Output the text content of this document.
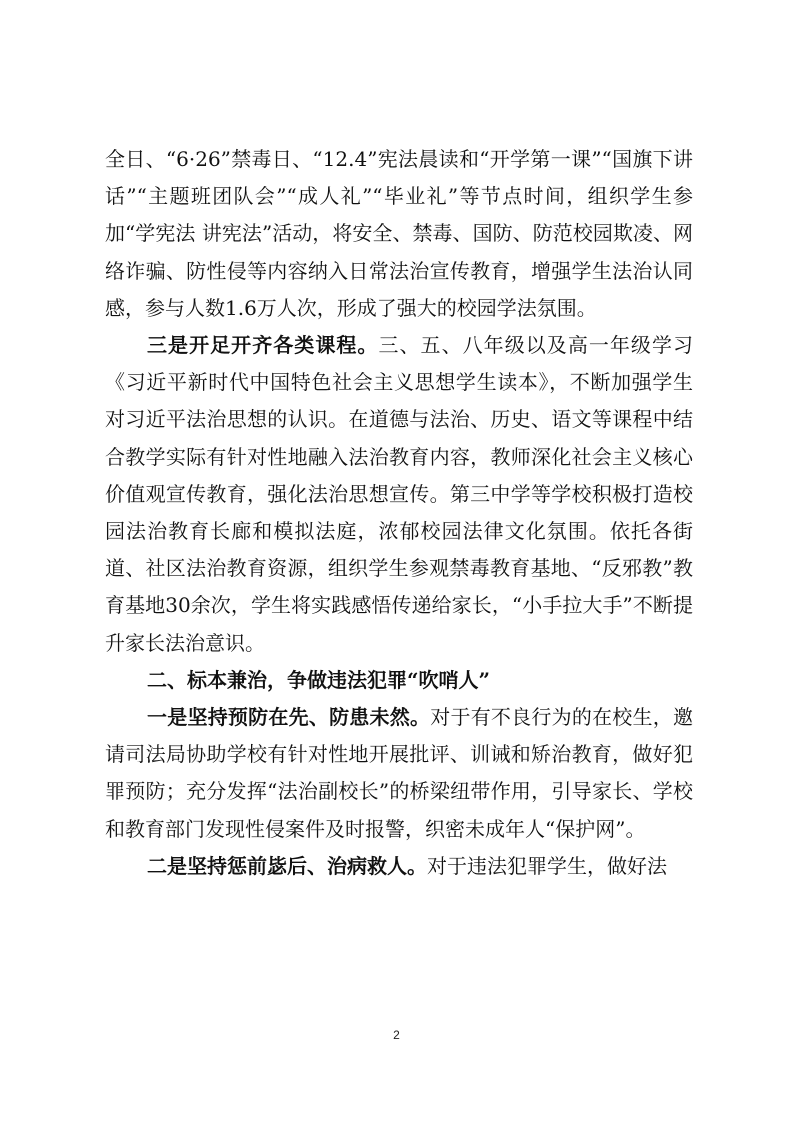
全日、“6·26”禁毒日、“12.4”宪法晨读和“开学第一课”“国旗下讲话”“主题班团队会”“成人礼”“毕业礼”等节点时间，组织学生参加“学宪法 讲宪法”活动，将安全、禁毒、国防、防范校园欺凌、网络诈骗、防性侵等内容纳入日常法治宣传教育，增强学生法治认同感，参与人数1.6万人次，形成了强大的校园学法氛围。

三是开足开齐各类课程。三、五、八年级以及高一年级学习《习近平新时代中国特色社会主义思想学生读本》，不断加强学生对习近平法治思想的认识。在道德与法治、历史、语文等课程中结合教学实际有针对性地融入法治教育内容，教师深化社会主义核心价值观宣传教育，强化法治思想宣传。第三中学等学校积极打造校园法治教育长廊和模拟法庭，浓郁校园法律文化氛围。依托各街道、社区法治教育资源，组织学生参观禁毒教育基地、“反邪教”教育基地30余次，学生将实践感悟传递给家长，“小手拉大手”不断提升家长法治意识。

二、标本兼治，争做违法犯罪“吹哨人”

一是坚持预防在先、防患未然。对于有不良行为的在校生，邀请司法局协助学校有针对性地开展批评、训诫和矫治教育，做好犯罪预防；充分发挥“法治副校长”的桥梁纽带作用，引导家长、学校和教育部门发现性侵案件及时报警，织密未成年人“保护网”。

二是坚持惩前毖后、治病救人。对于违法犯罪学生，做好法

2
